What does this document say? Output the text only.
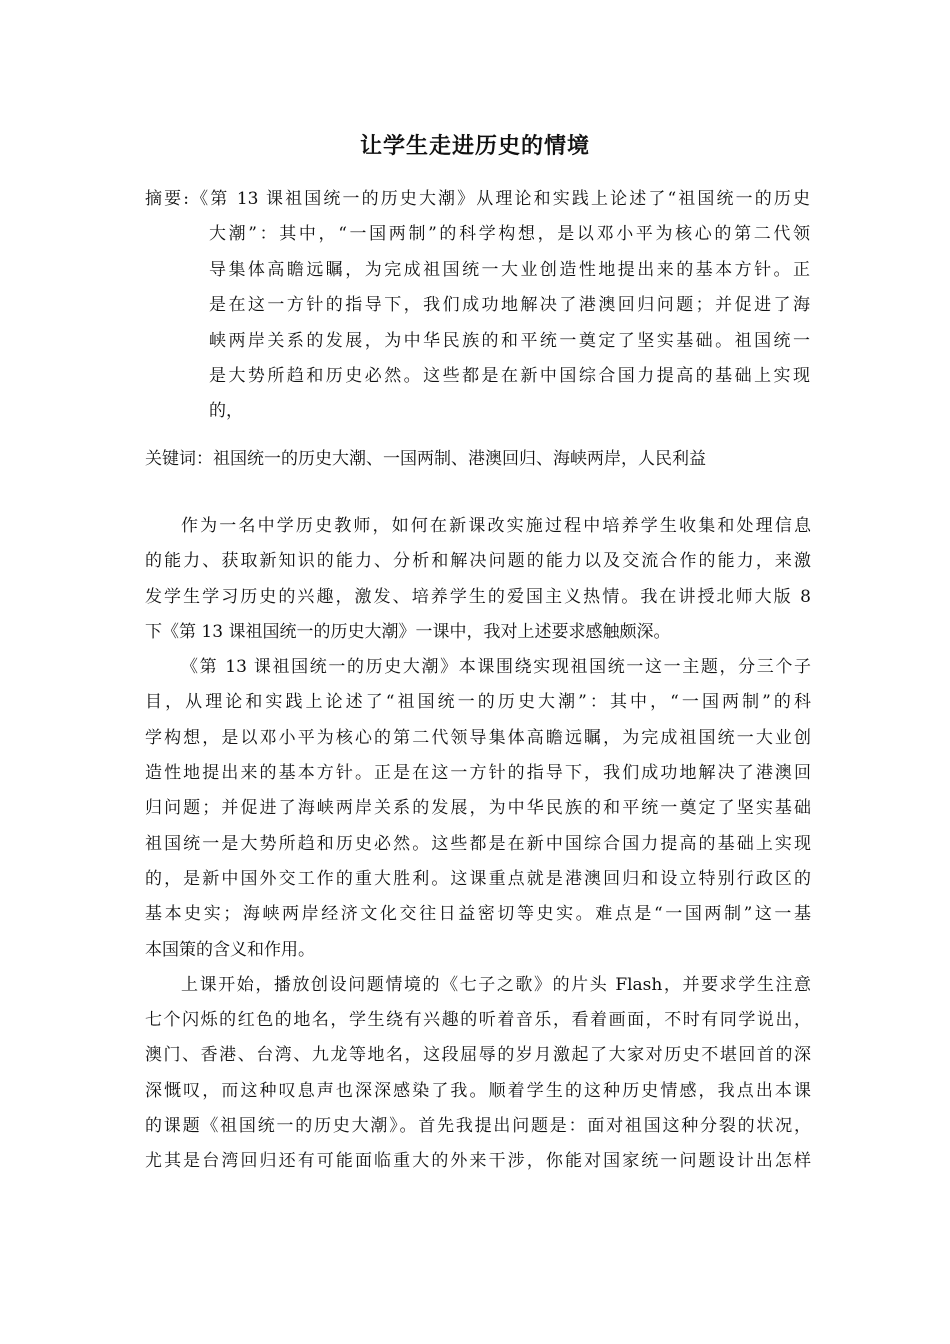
让学生走进历史的情境
摘要:《第 13 课祖国统一的历史大潮》从理论和实践上论述了“祖国统一的历史
大潮”：其中，“一国两制”的科学构想，是以邓小平为核心的第二代领
导集体高瞻远瞩，为完成祖国统一大业创造性地提出来的基本方针。正
是在这一方针的指导下，我们成功地解决了港澳回归问题；并促进了海
峡两岸关系的发展，为中华民族的和平统一奠定了坚实基础。祖国统一
是大势所趋和历史必然。这些都是在新中国综合国力提高的基础上实现
的，
关键词：祖国统一的历史大潮、一国两制、港澳回归、海峡两岸，人民利益
作为一名中学历史教师，如何在新课改实施过程中培养学生收集和处理信息
的能力、获取新知识的能力、分析和解决问题的能力以及交流合作的能力，来激
发学生学习历史的兴趣，激发、培养学生的爱国主义热情。我在讲授北师大版 8
下《第 13 课祖国统一的历史大潮》一课中，我对上述要求感触颇深。
《第 13 课祖国统一的历史大潮》本课围绕实现祖国统一这一主题，分三个子
目，从理论和实践上论述了“祖国统一的历史大潮”：其中，“一国两制”的科
学构想，是以邓小平为核心的第二代领导集体高瞻远瞩，为完成祖国统一大业创
造性地提出来的基本方针。正是在这一方针的指导下，我们成功地解决了港澳回
归问题；并促进了海峡两岸关系的发展，为中华民族的和平统一奠定了坚实基础
祖国统一是大势所趋和历史必然。这些都是在新中国综合国力提高的基础上实现
的，是新中国外交工作的重大胜利。这课重点就是港澳回归和设立特别行政区的
基本史实；海峡两岸经济文化交往日益密切等史实。难点是“一国两制”这一基
本国策的含义和作用。
上课开始，播放创设问题情境的《七子之歌》的片头 Flash，并要求学生注意
七个闪烁的红色的地名，学生绕有兴趣的听着音乐，看着画面，不时有同学说出，
澳门、香港、台湾、九龙等地名，这段屈辱的岁月激起了大家对历史不堪回首的深
深慨叹，而这种叹息声也深深感染了我。顺着学生的这种历史情感，我点出本课
的课题《祖国统一的历史大潮》。首先我提出问题是：面对祖国这种分裂的状况，
尤其是台湾回归还有可能面临重大的外来干涉，你能对国家统一问题设计出怎样
